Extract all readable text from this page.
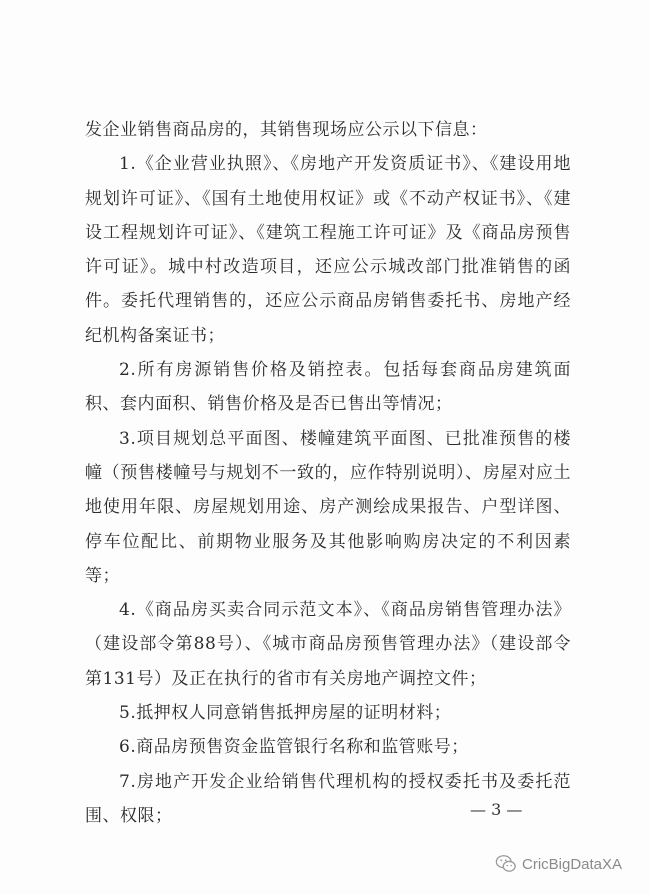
发企业销售商品房的，其销售现场应公示以下信息：

1.《企业营业执照》、《房地产开发资质证书》、《建设用地规划许可证》、《国有土地使用权证》或《不动产权证书》、《建设工程规划许可证》、《建筑工程施工许可证》及《商品房预售许可证》。城中村改造项目，还应公示城改部门批准销售的函件。委托代理销售的，还应公示商品房销售委托书、房地产经纪机构备案证书；

2.所有房源销售价格及销控表。包括每套商品房建筑面积、套内面积、销售价格及是否已售出等情况；

3.项目规划总平面图、楼幢建筑平面图、已批准预售的楼幢（预售楼幢号与规划不一致的，应作特别说明）、房屋对应土地使用年限、房屋规划用途、房产测绘成果报告、户型详图、停车位配比、前期物业服务及其他影响购房决定的不利因素等；

4.《商品房买卖合同示范文本》、《商品房销售管理办法》（建设部令第88号）、《城市商品房预售管理办法》（建设部令第131号）及正在执行的省市有关房地产调控文件；

5.抵押权人同意销售抵押房屋的证明材料；

6.商品房预售资金监管银行名称和监管账号；

7.房地产开发企业给销售代理机构的授权委托书及委托范围、权限；	— 3 —
CricBigDataXA
